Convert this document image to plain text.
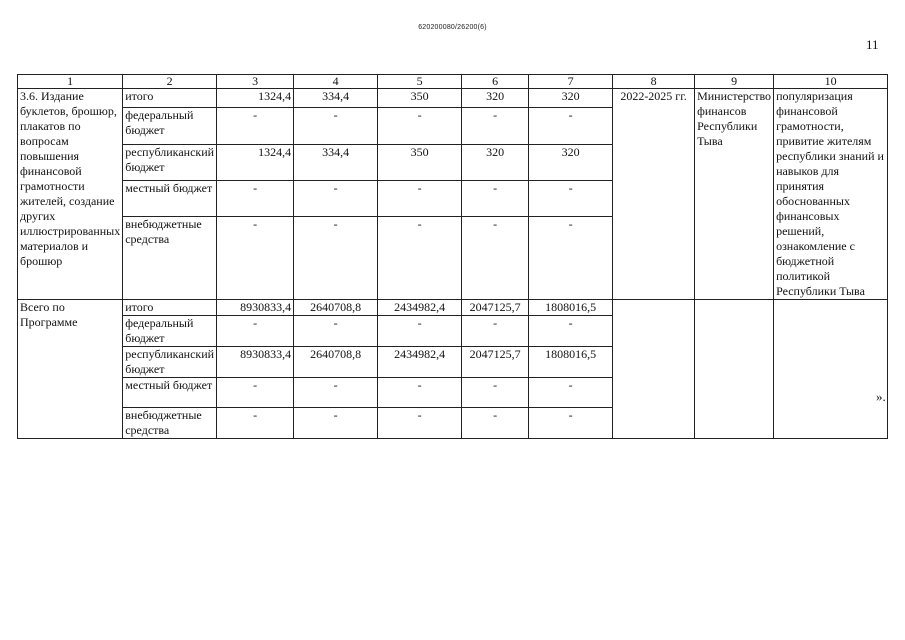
620200080/26200(6)
11
1	2	3	4	5	6	7	8	9	10
3.6. Издание буклетов, брошюр, плакатов по вопросам повышения финансовой грамотности жителей, создание других иллюстрированных материалов и брошюр	итого	1324,4	334,4	350	320	320	2022-2025 гг.	Министерство финансов Республики Тыва	популяризация финансовой грамотности, привитие жителям республики знаний и навыков для принятия обоснованных финансовых решений, ознакомление с бюджетной политикой Республики Тыва
	федеральный бюджет	-	-	-	-	-			
	республиканский бюджет	1324,4	334,4	350	320	320			
	местный бюджет	-	-	-	-	-			
	внебюджетные средства	-	-	-	-	-			
Всего по Программе	итого	8930833,4	2640708,8	2434982,4	2047125,7	1808016,5			
	федеральный бюджет	-	-	-	-	-			
	республиканский бюджет	8930833,4	2640708,8	2434982,4	2047125,7	1808016,5			
	местный бюджет	-	-	-	-	-			
	внебюджетные средства	-	-	-	-	-			
».
